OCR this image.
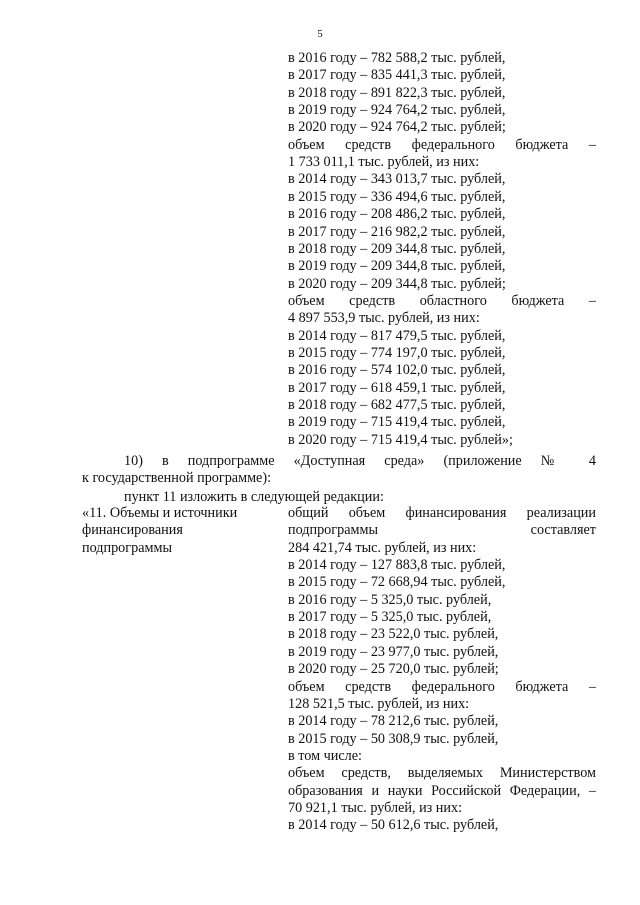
5
в 2016 году – 782 588,2 тыс. рублей,
в 2017 году – 835 441,3 тыс. рублей,
в 2018 году – 891 822,3 тыс. рублей,
в 2019 году – 924 764,2 тыс. рублей,
в 2020 году – 924 764,2 тыс. рублей;
объем средств федерального бюджета –
1 733 011,1 тыс. рублей, из них:
в 2014 году – 343 013,7 тыс. рублей,
в 2015 году – 336 494,6 тыс. рублей,
в 2016 году – 208 486,2 тыс. рублей,
в 2017 году – 216 982,2 тыс. рублей,
в 2018 году – 209 344,8 тыс. рублей,
в 2019 году – 209 344,8 тыс. рублей,
в 2020 году – 209 344,8 тыс. рублей;
объем средств областного бюджета –
4 897 553,9 тыс. рублей, из них:
в 2014 году – 817 479,5 тыс. рублей,
в 2015 году – 774 197,0 тыс. рублей,
в 2016 году – 574 102,0 тыс. рублей,
в 2017 году – 618 459,1 тыс. рублей,
в 2018 году – 682 477,5 тыс. рублей,
в 2019 году – 715 419,4 тыс. рублей,
в 2020 году – 715 419,4 тыс. рублей»;
10) в подпрограмме «Доступная среда» (приложение № 4
к государственной программе):
пункт 11 изложить в следующей редакции:
«11. Объемы и источники
финансирования
подпрограммы
общий объем финансирования реализации
подпрограммы составляет
284 421,74 тыс. рублей, из них:
в 2014 году – 127 883,8 тыс. рублей,
в 2015 году – 72 668,94 тыс. рублей,
в 2016 году – 5 325,0 тыс. рублей,
в 2017 году – 5 325,0 тыс. рублей,
в 2018 году – 23 522,0 тыс. рублей,
в 2019 году – 23 977,0 тыс. рублей,
в 2020 году – 25 720,0 тыс. рублей;
объем средств федерального бюджета –
128 521,5 тыс. рублей, из них:
в 2014 году – 78 212,6 тыс. рублей,
в 2015 году – 50 308,9 тыс. рублей,
в том числе:
объем средств, выделяемых Министерством
образования и науки Российской Федерации, –
70 921,1 тыс. рублей, из них:
в 2014 году – 50 612,6 тыс. рублей,
